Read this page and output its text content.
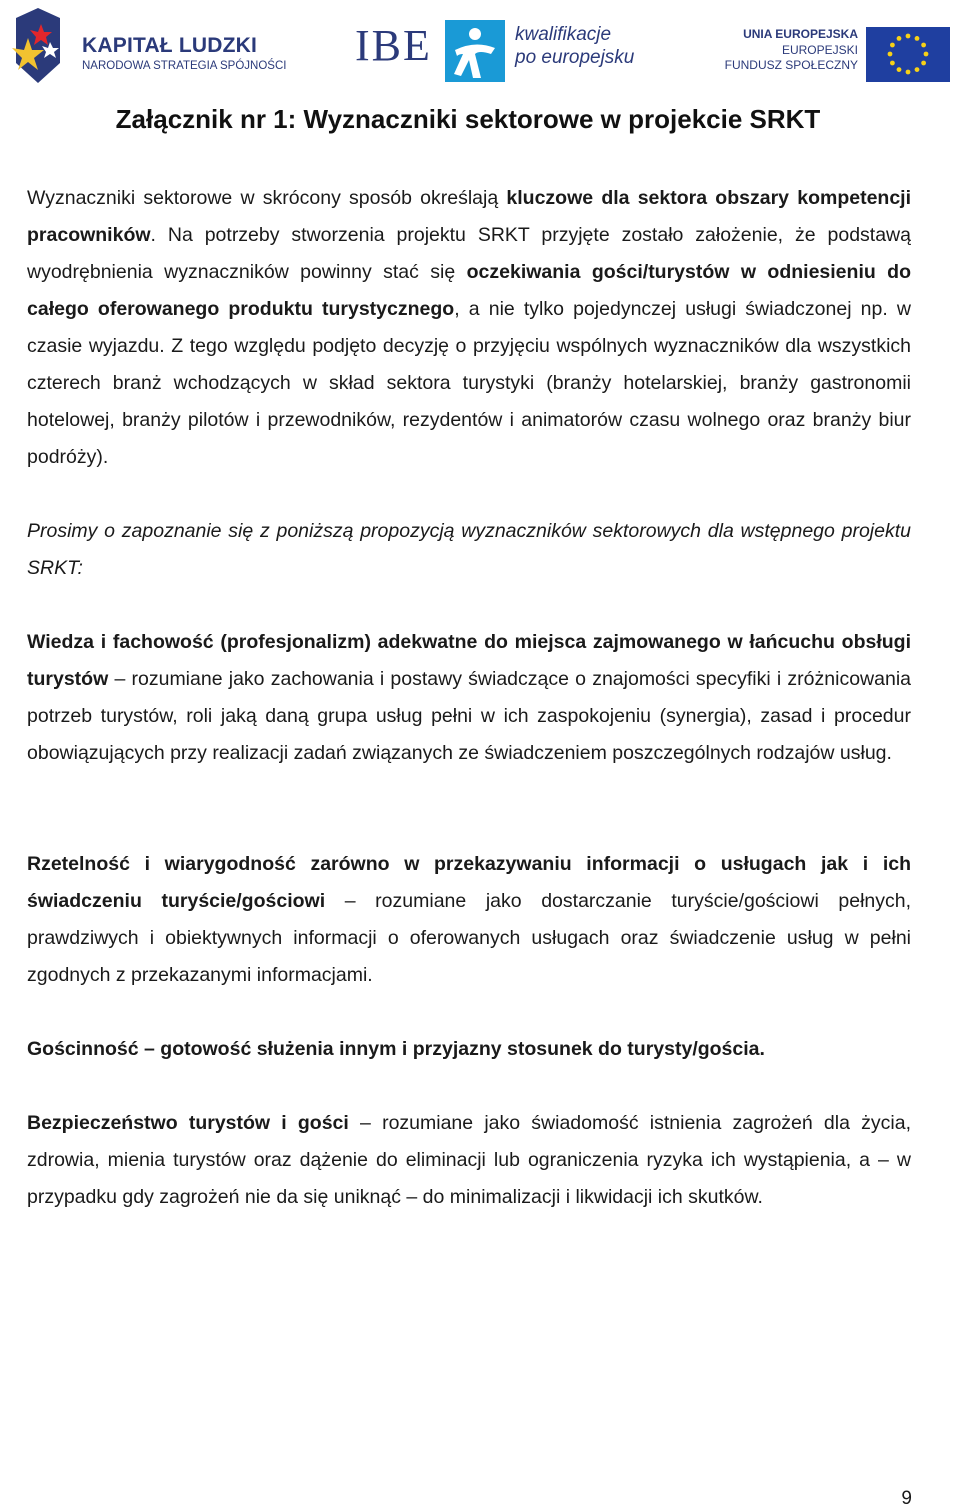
KAPITAŁ LUDZKI
NARODOWA STRATEGIA SPÓJNOŚCI IBE	kwalifikacje
po europejsku
UNIA EUROPEJSKA
EUROPEJSKI
FUNDUSZ SPOŁECZNY
Załącznik nr 1: Wyznaczniki sektorowe w projekcie SRKT

Wyznaczniki sektorowe w skrócony sposób określają kluczowe dla sektora obszary kompetencji pracowników. Na potrzeby stworzenia projektu SRKT przyjęte zostało założenie, że podstawą wyodrębnienia wyznaczników powinny stać się oczekiwania gości/turystów w odniesieniu do całego oferowanego produktu turystycznego, a nie tylko pojedynczej usługi świadczonej np. w czasie wyjazdu. Z tego względu podjęto decyzję o przyjęciu wspólnych wyznaczników dla wszystkich czterech branż wchodzących w skład sektora turystyki (branży hotelarskiej, branży gastronomii hotelowej, branży pilotów i przewodników, rezydentów i animatorów czasu wolnego oraz branży biur podróży).

Prosimy o zapoznanie się z poniższą propozycją wyznaczników sektorowych dla wstępnego projektu SRKT:

Wiedza i fachowość (profesjonalizm) adekwatne do miejsca zajmowanego w łańcuchu obsługi turystów – rozumiane jako zachowania i postawy świadczące o znajomości specyfiki i zróżnicowania potrzeb turystów, roli jaką daną grupa usług pełni w ich zaspokojeniu (synergia), zasad i procedur obowiązujących przy realizacji zadań związanych ze świadczeniem poszczególnych rodzajów usług.

Rzetelność i wiarygodność zarówno w przekazywaniu informacji o usługach jak i ich świadczeniu turyście/gościowi – rozumiane jako dostarczanie turyście/gościowi pełnych, prawdziwych i obiektywnych informacji o oferowanych usługach oraz świadczenie usług w pełni zgodnych z przekazanymi informacjami.

Gościnność – gotowość służenia innym i przyjazny stosunek do turysty/gościa.

Bezpieczeństwo turystów i gości – rozumiane jako świadomość istnienia zagrożeń dla życia, zdrowia, mienia turystów oraz dążenie do eliminacji lub ograniczenia ryzyka ich wystąpienia, a – w przypadku gdy zagrożeń nie da się uniknąć – do minimalizacji i likwidacji ich skutków.

9
